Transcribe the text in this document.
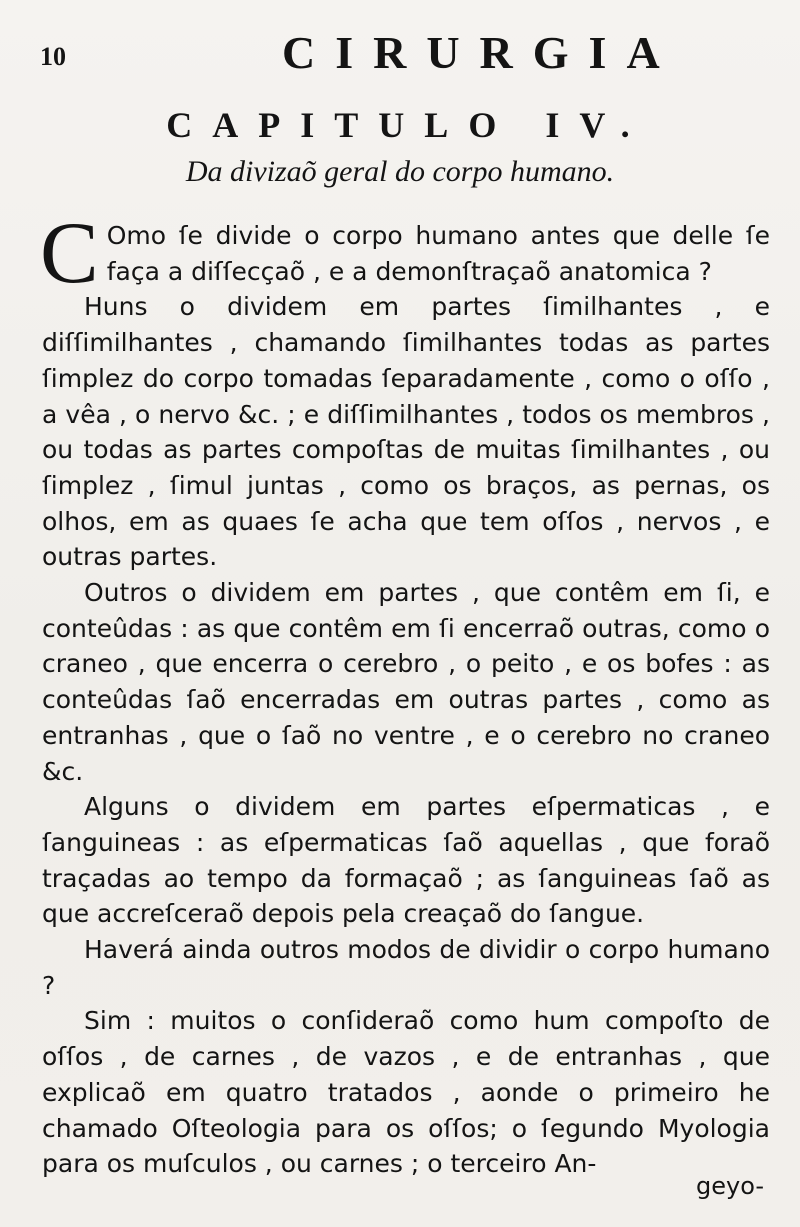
10	CIRURGIA
CAPITULO IV.
Da divizaõ geral do corpo humano.

C Omo ſe divide o corpo humano antes que delle ſe faça a diſſecçaõ , e a demonſtraçaõ anatomica ?

Huns o dividem em partes ſimilhantes , e diſſimilhantes , chamando ſimilhantes todas as partes ſimplez do corpo tomadas ſeparadamente , como o oſſo , a vêa , o nervo &c. ; e diſſimilhantes , todos os membros , ou todas as partes compoſtas de muitas ſimilhantes , ou ſimplez , ſimul juntas , como os braços, as pernas, os olhos, em as quaes ſe acha que tem oſſos , nervos , e outras partes.

Outros o dividem em partes , que contêm em ſi, e conteûdas : as que contêm em ſi encerraõ outras, como o craneo , que encerra o cerebro , o peito , e os bofes : as conteûdas ſaõ encerradas em outras partes , como as entranhas , que o ſaõ no ventre , e o cerebro no craneo &c.

Alguns o dividem em partes eſpermaticas , e ſanguineas : as eſpermaticas ſaõ aquellas , que foraõ traçadas ao tempo da formaçaõ ; as ſanguineas ſaõ as que accreſceraõ depois pela creaçaõ do ſangue.

Haverá ainda outros modos de dividir o corpo humano ?

Sim : muitos o conſideraõ como hum compoſto de oſſos , de carnes , de vazos , e de entranhas , que explicaõ em quatro tratados , aonde o primeiro he chamado Oſteologia para os oſſos; o ſegundo Myologia para os muſculos , ou carnes ; o terceiro An-

geyo-
